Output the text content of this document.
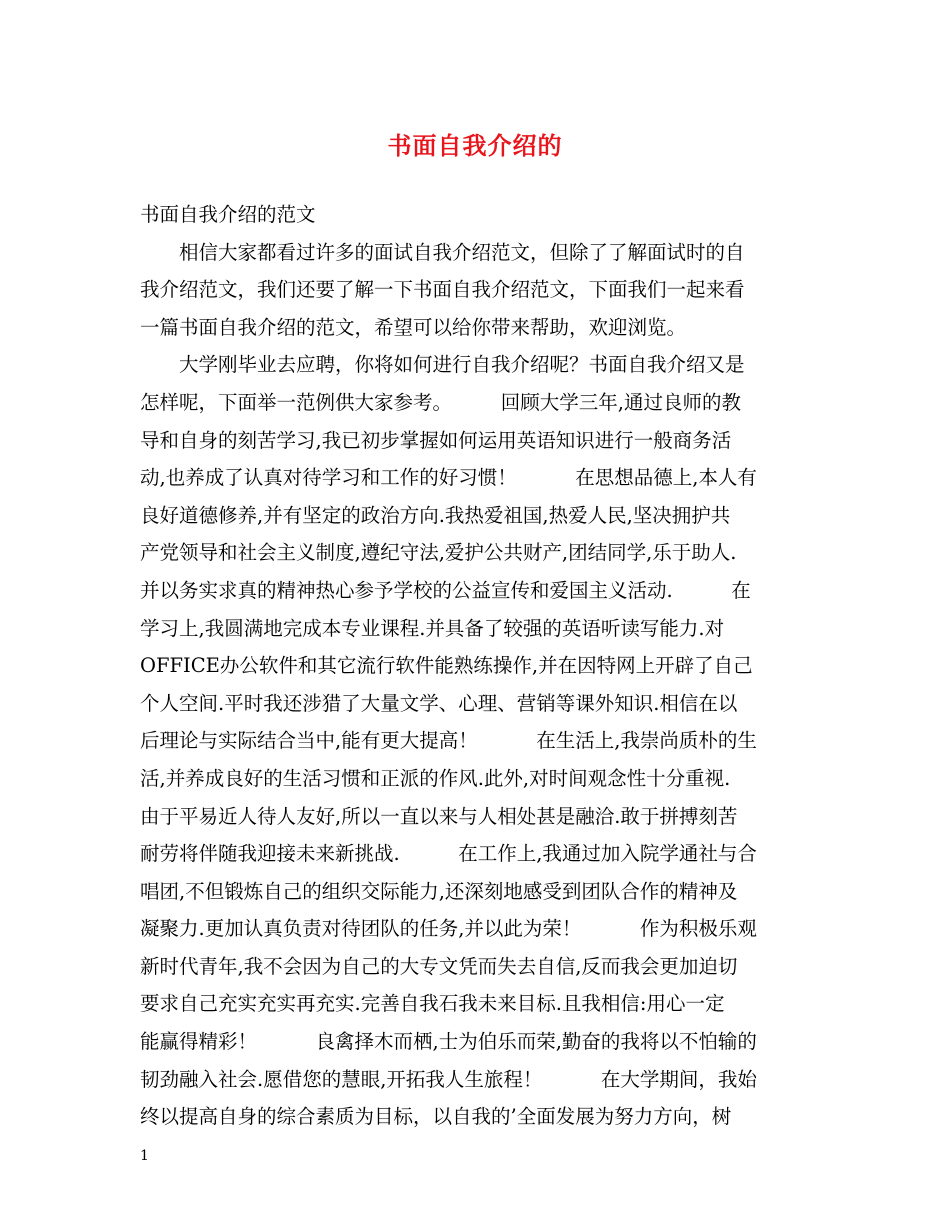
书面自我介绍的
书面自我介绍的范文
　　相信大家都看过许多的面试自我介绍范文，但除了了解面试时的自
我介绍范文，我们还要了解一下书面自我介绍范文，下面我们一起来看
一篇书面自我介绍的范文，希望可以给你带来帮助，欢迎浏览。
　　大学刚毕业去应聘，你将如何进行自我介绍呢？书面自我介绍又是
怎样呢，下面举一范例供大家参考。　　　回顾大学三年,通过良师的教
导和自身的刻苦学习,我已初步掌握如何运用英语知识进行一般商务活
动,也养成了认真对待学习和工作的好习惯！　　　在思想品德上,本人有
良好道德修养,并有坚定的政治方向.我热爱祖国,热爱人民,坚决拥护共
产党领导和社会主义制度,遵纪守法,爱护公共财产,团结同学,乐于助人.
并以务实求真的精神热心参予学校的公益宣传和爱国主义活动.　　　在
学习上,我圆满地完成本专业课程.并具备了较强的英语听读写能力.对
OFFICE办公软件和其它流行软件能熟练操作,并在因特网上开辟了自己
个人空间.平时我还涉猎了大量文学、心理、营销等课外知识.相信在以
后理论与实际结合当中,能有更大提高！　　　在生活上,我崇尚质朴的生
活,并养成良好的生活习惯和正派的作风.此外,对时间观念性十分重视.
由于平易近人待人友好,所以一直以来与人相处甚是融洽.敢于拼搏刻苦
耐劳将伴随我迎接未来新挑战.　　　在工作上,我通过加入院学通社与合
唱团,不但锻炼自己的组织交际能力,还深刻地感受到团队合作的精神及
凝聚力.更加认真负责对待团队的任务,并以此为荣！　　　作为积极乐观
新时代青年,我不会因为自己的大专文凭而失去自信,反而我会更加迫切
要求自己充实充实再充实.完善自我石我未来目标.且我相信:用心一定
能赢得精彩！　　　良禽择木而栖,士为伯乐而荣,勤奋的我将以不怕输的
韧劲融入社会.愿借您的慧眼,开拓我人生旅程！　　　在大学期间，我始
终以提高自身的综合素质为目标，以自我的’全面发展为努力方向，树
1
